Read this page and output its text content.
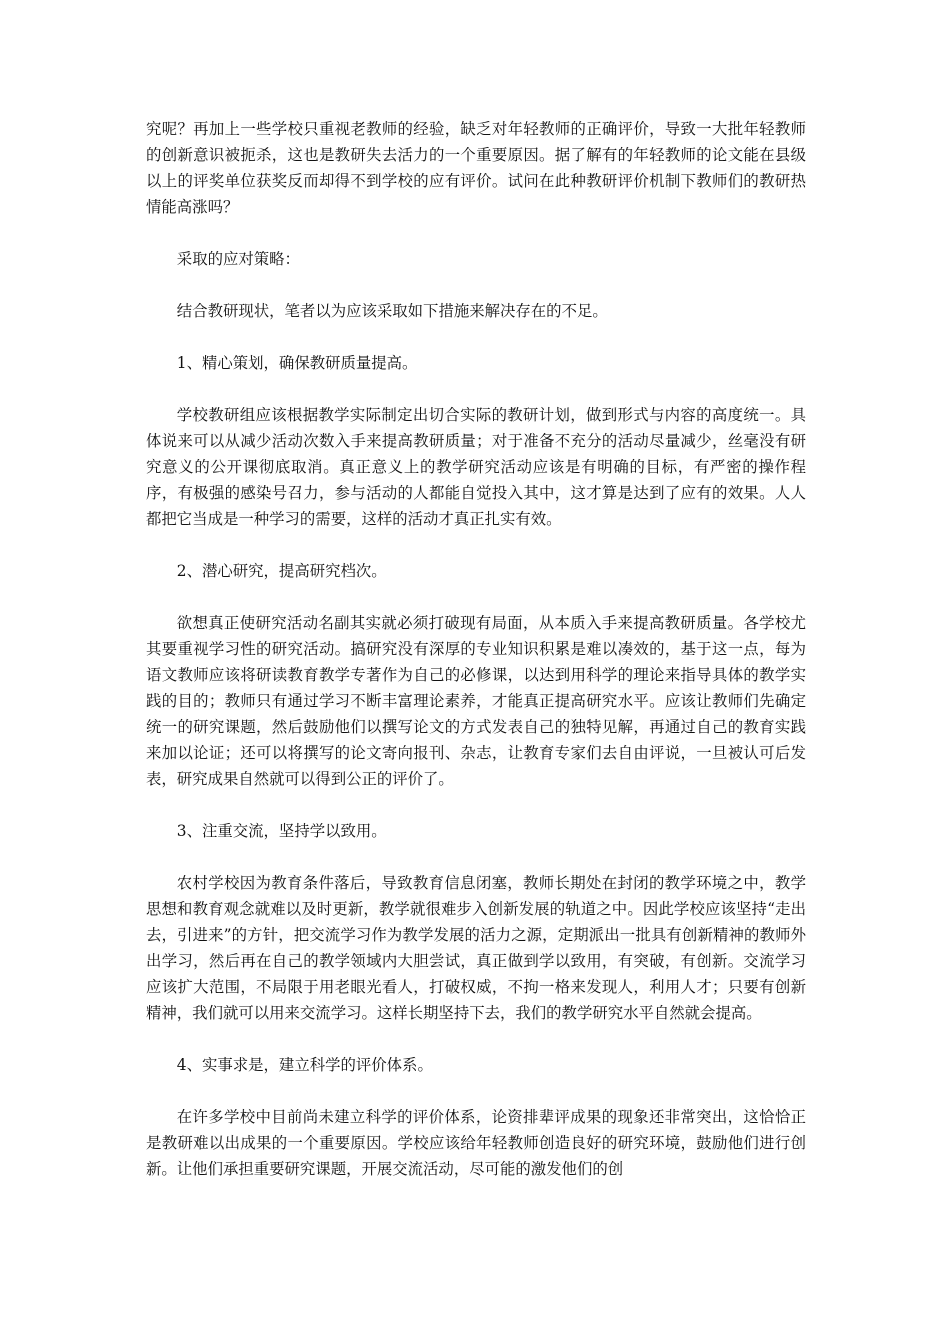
究呢？再加上一些学校只重视老教师的经验，缺乏对年轻教师的正确评价，导致一大批年轻教师的创新意识被扼杀，这也是教研失去活力的一个重要原因。据了解有的年轻教师的论文能在县级以上的评奖单位获奖反而却得不到学校的应有评价。试问在此种教研评价机制下教师们的教研热情能高涨吗？

采取的应对策略：

结合教研现状，笔者以为应该采取如下措施来解决存在的不足。

1、精心策划，确保教研质量提高。

学校教研组应该根据教学实际制定出切合实际的教研计划，做到形式与内容的高度统一。具体说来可以从减少活动次数入手来提高教研质量；对于准备不充分的活动尽量减少，丝毫没有研究意义的公开课彻底取消。真正意义上的教学研究活动应该是有明确的目标，有严密的操作程序，有极强的感染号召力，参与活动的人都能自觉投入其中，这才算是达到了应有的效果。人人都把它当成是一种学习的需要，这样的活动才真正扎实有效。

2、潜心研究，提高研究档次。

欲想真正使研究活动名副其实就必须打破现有局面，从本质入手来提高教研质量。各学校尤其要重视学习性的研究活动。搞研究没有深厚的专业知识积累是难以凑效的，基于这一点，每为语文教师应该将研读教育教学专著作为自己的必修课，以达到用科学的理论来指导具体的教学实践的目的；教师只有通过学习不断丰富理论素养，才能真正提高研究水平。应该让教师们先确定统一的研究课题，然后鼓励他们以撰写论文的方式发表自己的独特见解，再通过自己的教育实践来加以论证；还可以将撰写的论文寄向报刊、杂志，让教育专家们去自由评说，一旦被认可后发表，研究成果自然就可以得到公正的评价了。

3、注重交流，坚持学以致用。

农村学校因为教育条件落后，导致教育信息闭塞，教师长期处在封闭的教学环境之中，教学思想和教育观念就难以及时更新，教学就很难步入创新发展的轨道之中。因此学校应该坚持“走出去，引进来”的方针，把交流学习作为教学发展的活力之源，定期派出一批具有创新精神的教师外出学习，然后再在自己的教学领域内大胆尝试，真正做到学以致用，有突破，有创新。交流学习应该扩大范围，不局限于用老眼光看人，打破权威，不拘一格来发现人，利用人才；只要有创新精神，我们就可以用来交流学习。这样长期坚持下去，我们的教学研究水平自然就会提高。

4、实事求是，建立科学的评价体系。

在许多学校中目前尚未建立科学的评价体系，论资排辈评成果的现象还非常突出，这恰恰正是教研难以出成果的一个重要原因。学校应该给年轻教师创造良好的研究环境，鼓励他们进行创新。让他们承担重要研究课题，开展交流活动，尽可能的激发他们的创
